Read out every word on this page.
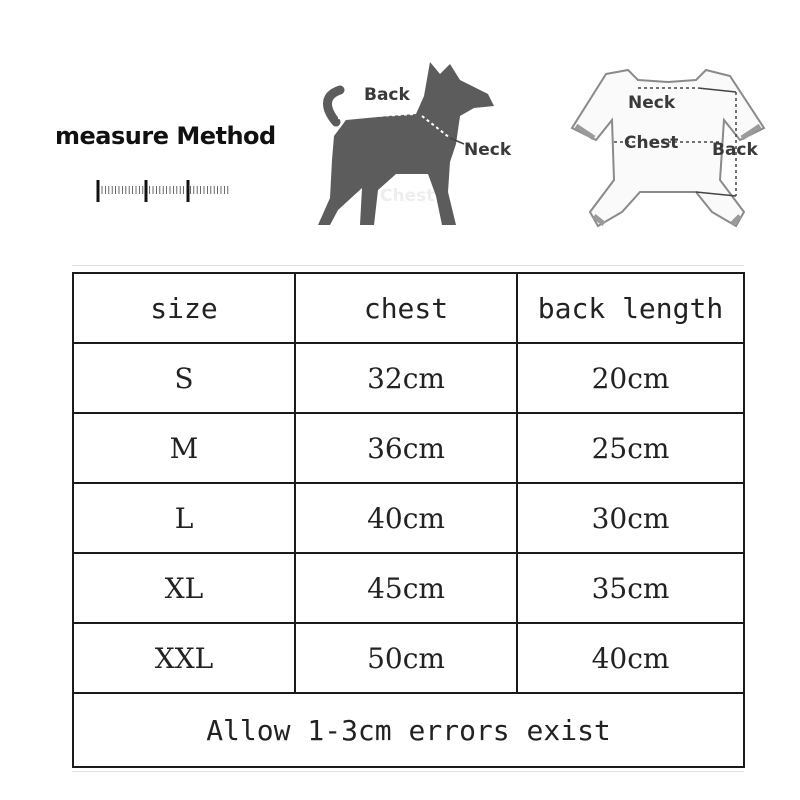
measure Method
Back
Neck
Chest
Neck
Chest Back
size	chest	back length
S	32cm	20cm
M	36cm	25cm
L	40cm	30cm
XL	45cm	35cm
XXL	50cm	40cm
Allow 1-3cm errors exist		
